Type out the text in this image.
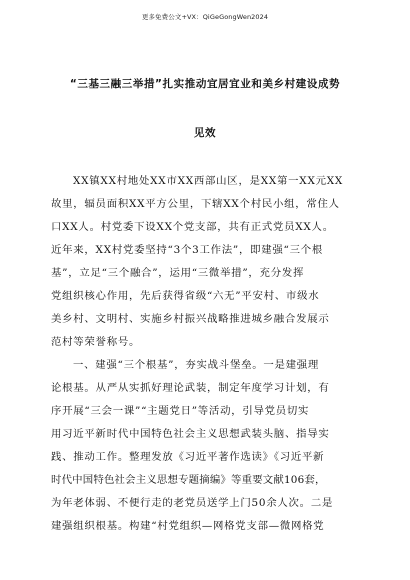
更多免费公文+VX：QiGeGongWen2024
“三基三融三举措”扎实推动宜居宜业和美乡村建设成势
见效
XX镇XX村地处XX市XX西部山区，是XX第一XX元XX
故里，辐员面积XX平方公里，下辖XX个村民小组，常住人
口XX人。村党委下设XX个党支部，共有正式党员XX人。
近年来，XX村党委坚持“3个3工作法”，即建强“三个根
基”，立足“三个融合”，运用“三微举措”，充分发挥
党组织核心作用，先后获得省级“六无”平安村、市级水
美乡村、文明村、实施乡村振兴战略推进城乡融合发展示
范村等荣誉称号。
一、建强“三个根基”，夯实战斗堡垒。一是建强理
论根基。从严从实抓好理论武装，制定年度学习计划，有
序开展“三会一课”“主题党日”等活动，引导党员切实
用习近平新时代中国特色社会主义思想武装头脑、指导实
践、推动工作。整理发放《习近平著作选读》《习近平新
时代中国特色社会主义思想专题摘编》等重要文献106套，
为年老体弱、不便行走的老党员送学上门50余人次。二是
建强组织根基。构建“村党组织—网格党支部—微网格党
